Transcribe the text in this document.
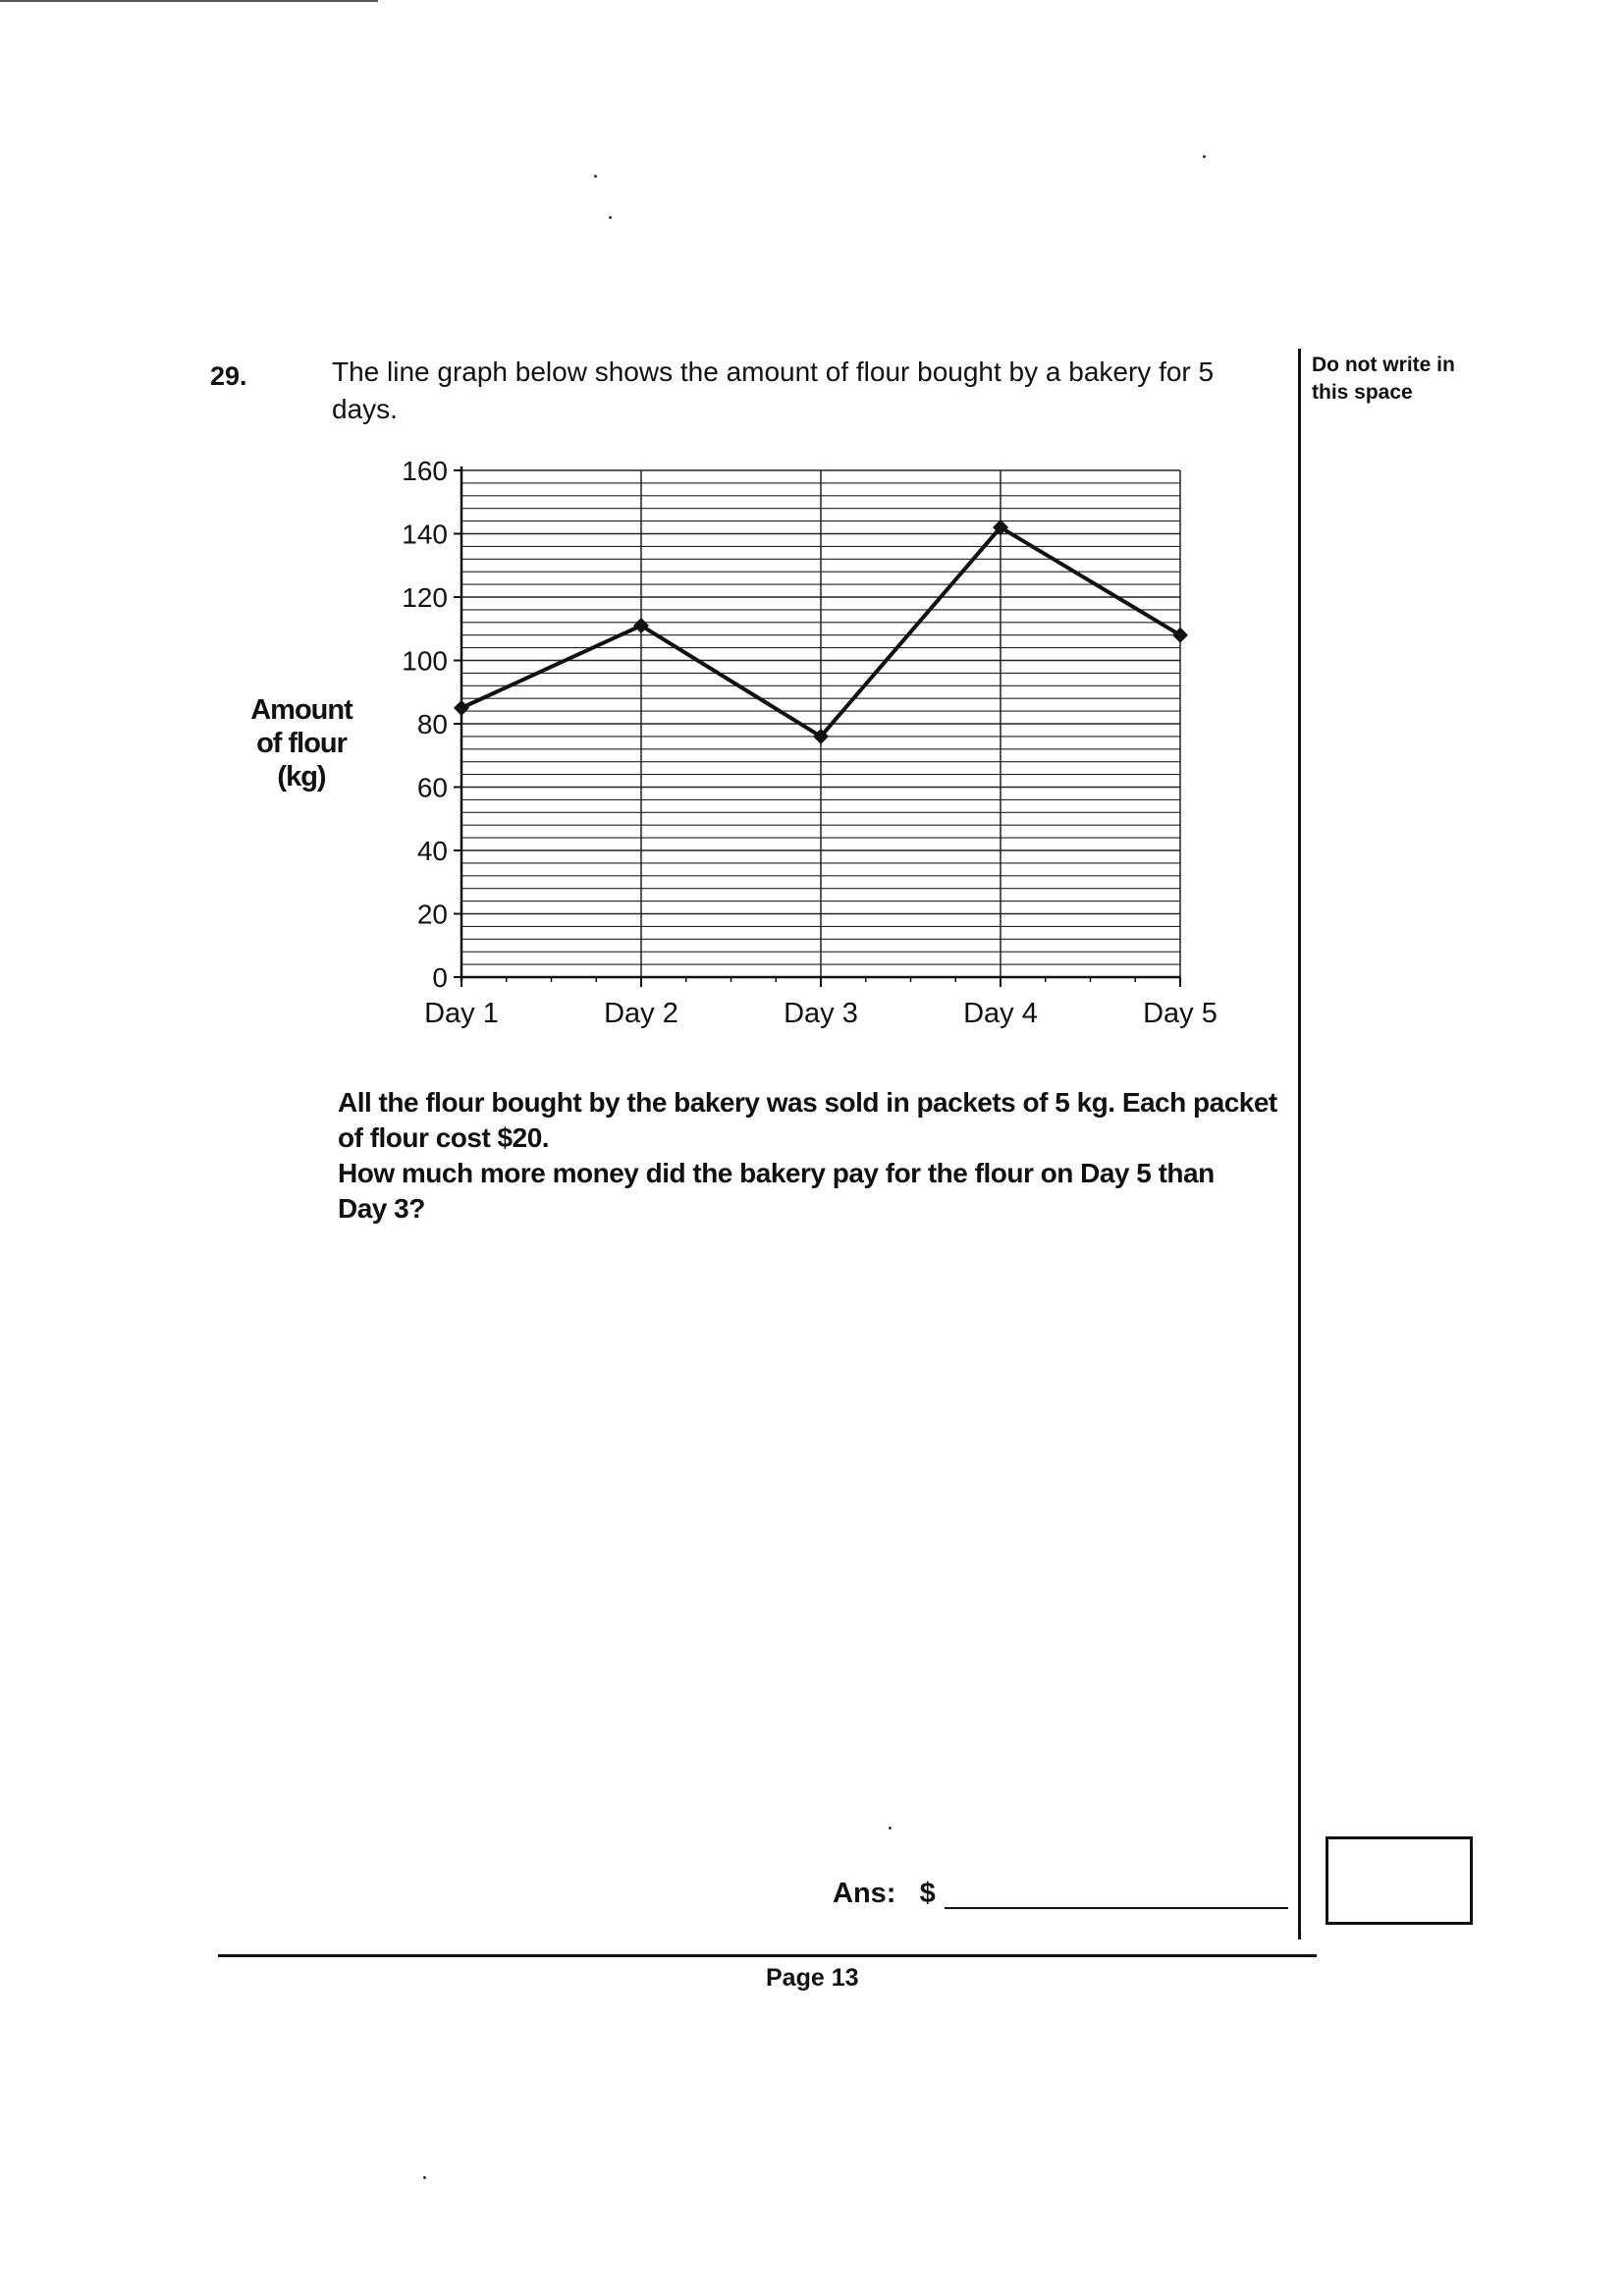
29.	The line graph below shows the amount of flour bought by a bakery for 5 days.
Do not write in this space
Amount
of flour
(kg)
0
20
40
60
80
100
120
140
160
Day 1	Day 2	Day 3	Day 4	Day 5
All the flour bought by the bakery was sold in packets of 5 kg. Each packet
of flour cost $20.
How much more money did the bakery pay for the flour on Day 5 than
Day 3?
Ans: $
Page 13
